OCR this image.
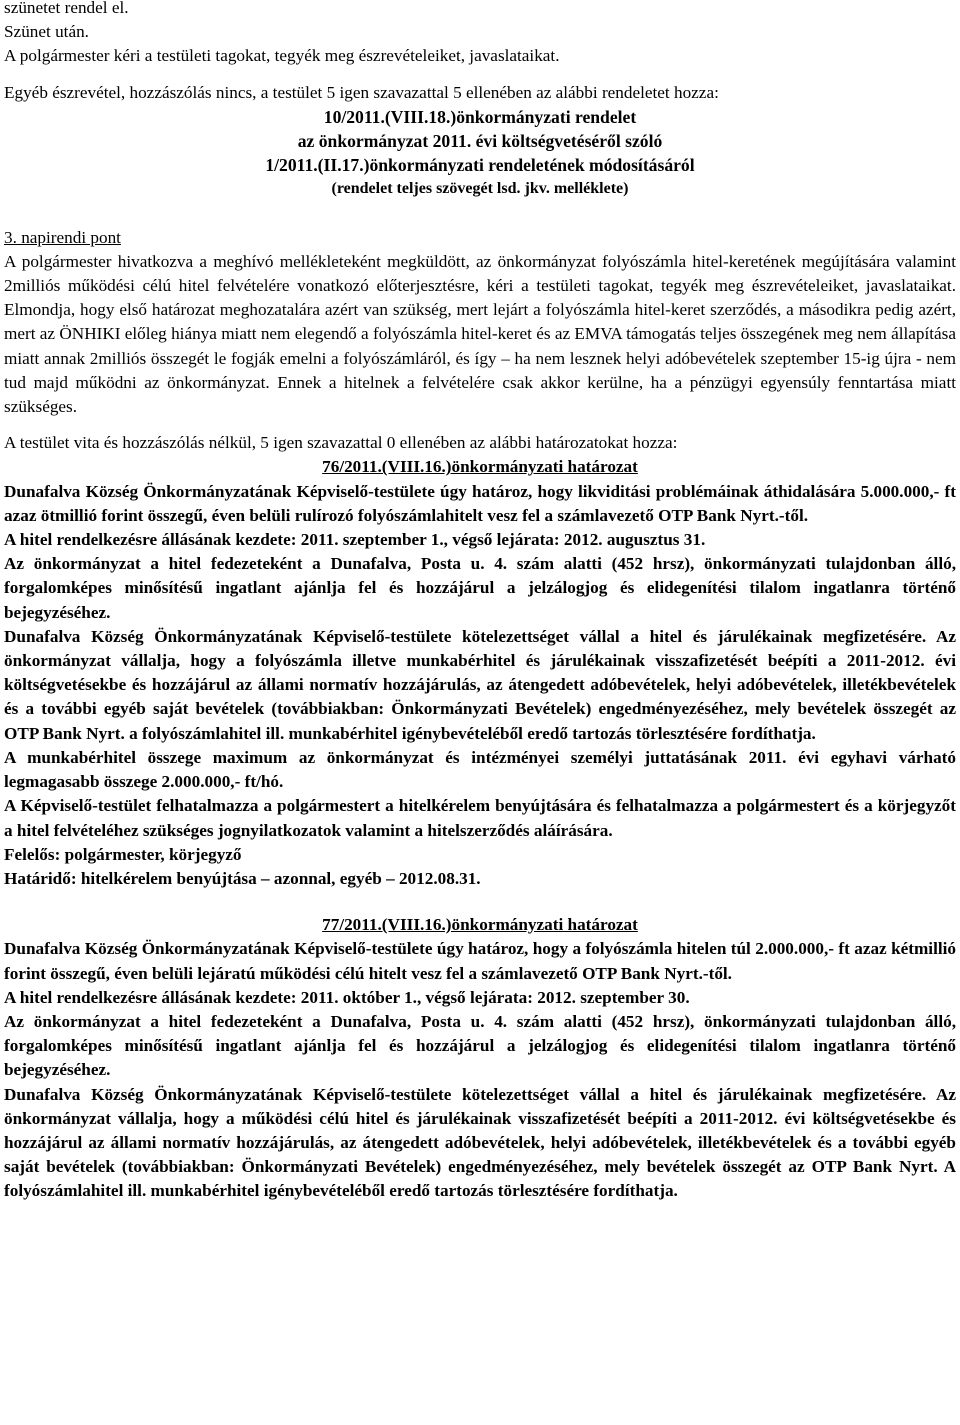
szünetet rendel el.

Szünet után.

A polgármester kéri a testületi tagokat, tegyék meg észrevételeiket, javaslataikat.

Egyéb észrevétel, hozzászólás nincs, a testület 5 igen szavazattal 5 ellenében az alábbi rendeletet hozza:

10/2011.(VIII.18.)önkormányzati rendelet

az önkormányzat 2011. évi költségvetéséről szóló

1/2011.(II.17.)önkormányzati rendeletének módosításáról

(rendelet teljes szövegét lsd. jkv. melléklete)

3. napirendi pont

A polgármester hivatkozva a meghívó mellékleteként megküldött, az önkormányzat folyószámla hitel-keretének megújítására valamint 2milliós működési célú hitel felvételére vonatkozó előterjesztésre, kéri a testületi tagokat, tegyék meg észrevételeiket, javaslataikat. Elmondja, hogy első határozat meghozatalára azért van szükség, mert lejárt a folyószámla hitel-keret szerződés, a másodikra pedig azért, mert az ÖNHIKI előleg hiánya miatt nem elegendő a folyószámla hitel-keret és az EMVA támogatás teljes összegének meg nem állapítása miatt annak 2milliós összegét le fogják emelni a folyószámláról, és így – ha nem lesznek helyi adóbevételek szeptember 15-ig újra - nem tud majd működni az önkormányzat. Ennek a hitelnek a felvételére csak akkor kerülne, ha a pénzügyi egyensúly fenntartása miatt szükséges.

A testület vita és hozzászólás nélkül, 5 igen szavazattal 0 ellenében az alábbi határozatokat hozza:

76/2011.(VIII.16.)önkormányzati határozat

Dunafalva Község Önkormányzatának Képviselő-testülete úgy határoz, hogy likviditási problémáinak áthidalására 5.000.000,- ft azaz ötmillió forint összegű, éven belüli rulírozó folyószámlahitelt vesz fel a számlavezető OTP Bank Nyrt.-től.

A hitel rendelkezésre állásának kezdete: 2011. szeptember 1., végső lejárata: 2012. augusztus 31.

Az önkormányzat a hitel fedezeteként a Dunafalva, Posta u. 4. szám alatti (452 hrsz), önkormányzati tulajdonban álló, forgalomképes minősítésű ingatlant ajánlja fel és hozzájárul a jelzálogjog és elidegenítési tilalom ingatlanra történő bejegyzéséhez.

Dunafalva Község Önkormányzatának Képviselő-testülete kötelezettséget vállal a hitel és járulékainak megfizetésére. Az önkormányzat vállalja, hogy a folyószámla illetve munkabérhitel és járulékainak visszafizetését beépíti a 2011-2012. évi költségvetésekbe és hozzájárul az állami normatív hozzájárulás, az átengedett adóbevételek, helyi adóbevételek, illetékbevételek és a további egyéb saját bevételek (továbbiakban: Önkormányzati Bevételek) engedményezéséhez, mely bevételek összegét az OTP Bank Nyrt. a folyószámlahitel ill. munkabérhitel igénybevételéből eredő tartozás törlesztésére fordíthatja.

A munkabérhitel összege maximum az önkormányzat és intézményei személyi juttatásának 2011. évi egyhavi várható legmagasabb összege 2.000.000,- ft/hó.

A Képviselő-testület felhatalmazza a polgármestert a hitelkérelem benyújtására és felhatalmazza a polgármestert és a körjegyzőt a hitel felvételéhez szükséges jognyilatkozatok valamint a hitelszerződés aláírására.

Felelős: polgármester, körjegyző

Határidő: hitelkérelem benyújtása – azonnal, egyéb – 2012.08.31.

77/2011.(VIII.16.)önkormányzati határozat

Dunafalva Község Önkormányzatának Képviselő-testülete úgy határoz, hogy a folyószámla hitelen túl 2.000.000,- ft azaz kétmillió forint összegű, éven belüli lejáratú működési célú hitelt vesz fel a számlavezető OTP Bank Nyrt.-től.

A hitel rendelkezésre állásának kezdete: 2011. október 1., végső lejárata: 2012. szeptember 30.

Az önkormányzat a hitel fedezeteként a Dunafalva, Posta u. 4. szám alatti (452 hrsz), önkormányzati tulajdonban álló, forgalomképes minősítésű ingatlant ajánlja fel és hozzájárul a jelzálogjog és elidegenítési tilalom ingatlanra történő bejegyzéséhez.

Dunafalva Község Önkormányzatának Képviselő-testülete kötelezettséget vállal a hitel és járulékainak megfizetésére. Az önkormányzat vállalja, hogy a működési célú hitel és járulékainak visszafizetését beépíti a 2011-2012. évi költségvetésekbe és hozzájárul az állami normatív hozzájárulás, az átengedett adóbevételek, helyi adóbevételek, illetékbevételek és a további egyéb saját bevételek (továbbiakban: Önkormányzati Bevételek) engedményezéséhez, mely bevételek összegét az OTP Bank Nyrt. A folyószámlahitel ill. munkabérhitel igénybevételéből eredő tartozás törlesztésére fordíthatja.
